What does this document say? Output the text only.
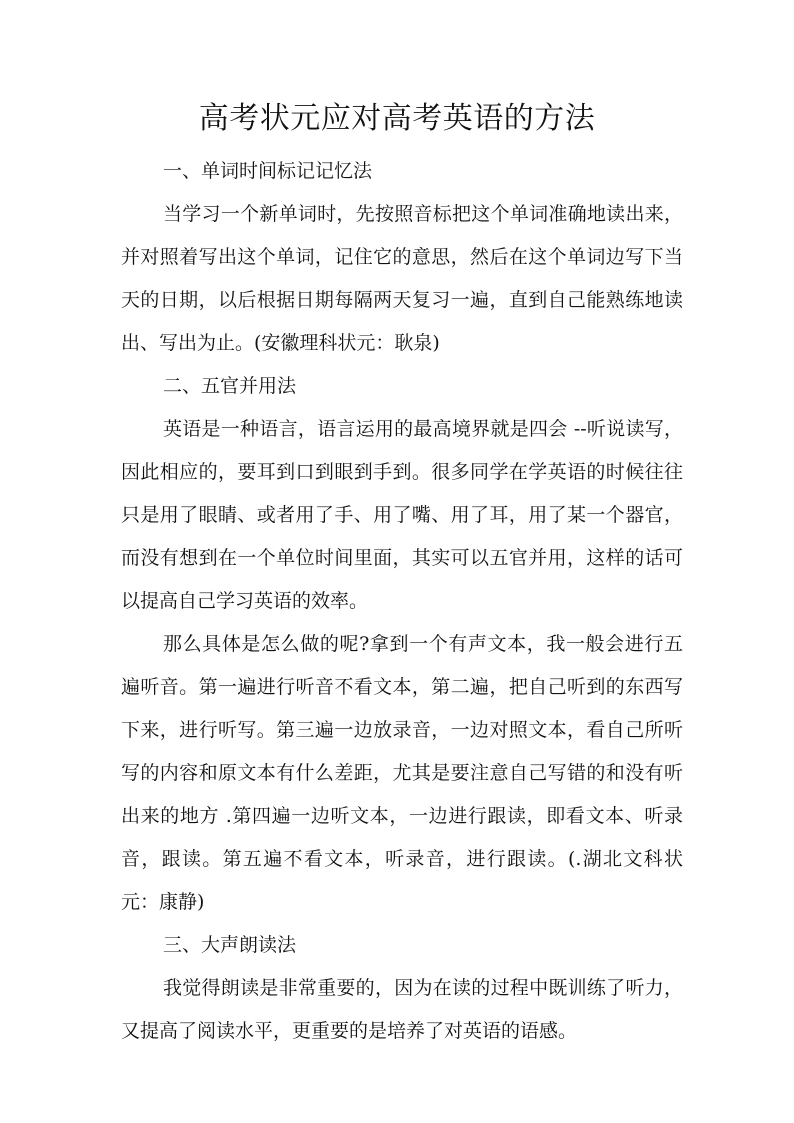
高考状元应对高考英语的方法

一、单词时间标记记忆法

当学习一个新单词时，先按照音标把这个单词准确地读出来，并对照着写出这个单词，记住它的意思，然后在这个单词边写下当天的日期，以后根据日期每隔两天复习一遍，直到自己能熟练地读出、写出为止。(安徽理科状元：耿泉)

二、五官并用法

英语是一种语言，语言运用的最高境界就是四会 --听说读写，因此相应的，要耳到口到眼到手到。很多同学在学英语的时候往往只是用了眼睛、或者用了手、用了嘴、用了耳，用了某一个器官，而没有想到在一个单位时间里面，其实可以五官并用，这样的话可以提高自己学习英语的效率。

那么具体是怎么做的呢?拿到一个有声文本，我一般会进行五遍听音。第一遍进行听音不看文本，第二遍，把自己听到的东西写下来，进行听写。第三遍一边放录音，一边对照文本，看自己所听写的内容和原文本有什么差距，尤其是要注意自己写错的和没有听出来的地方 .第四遍一边听文本，一边进行跟读，即看文本、听录音，跟读。第五遍不看文本，听录音，进行跟读。(.湖北文科状元：康静)

三、大声朗读法

我觉得朗读是非常重要的，因为在读的过程中既训练了听力，又提高了阅读水平，更重要的是培养了对英语的语感。
